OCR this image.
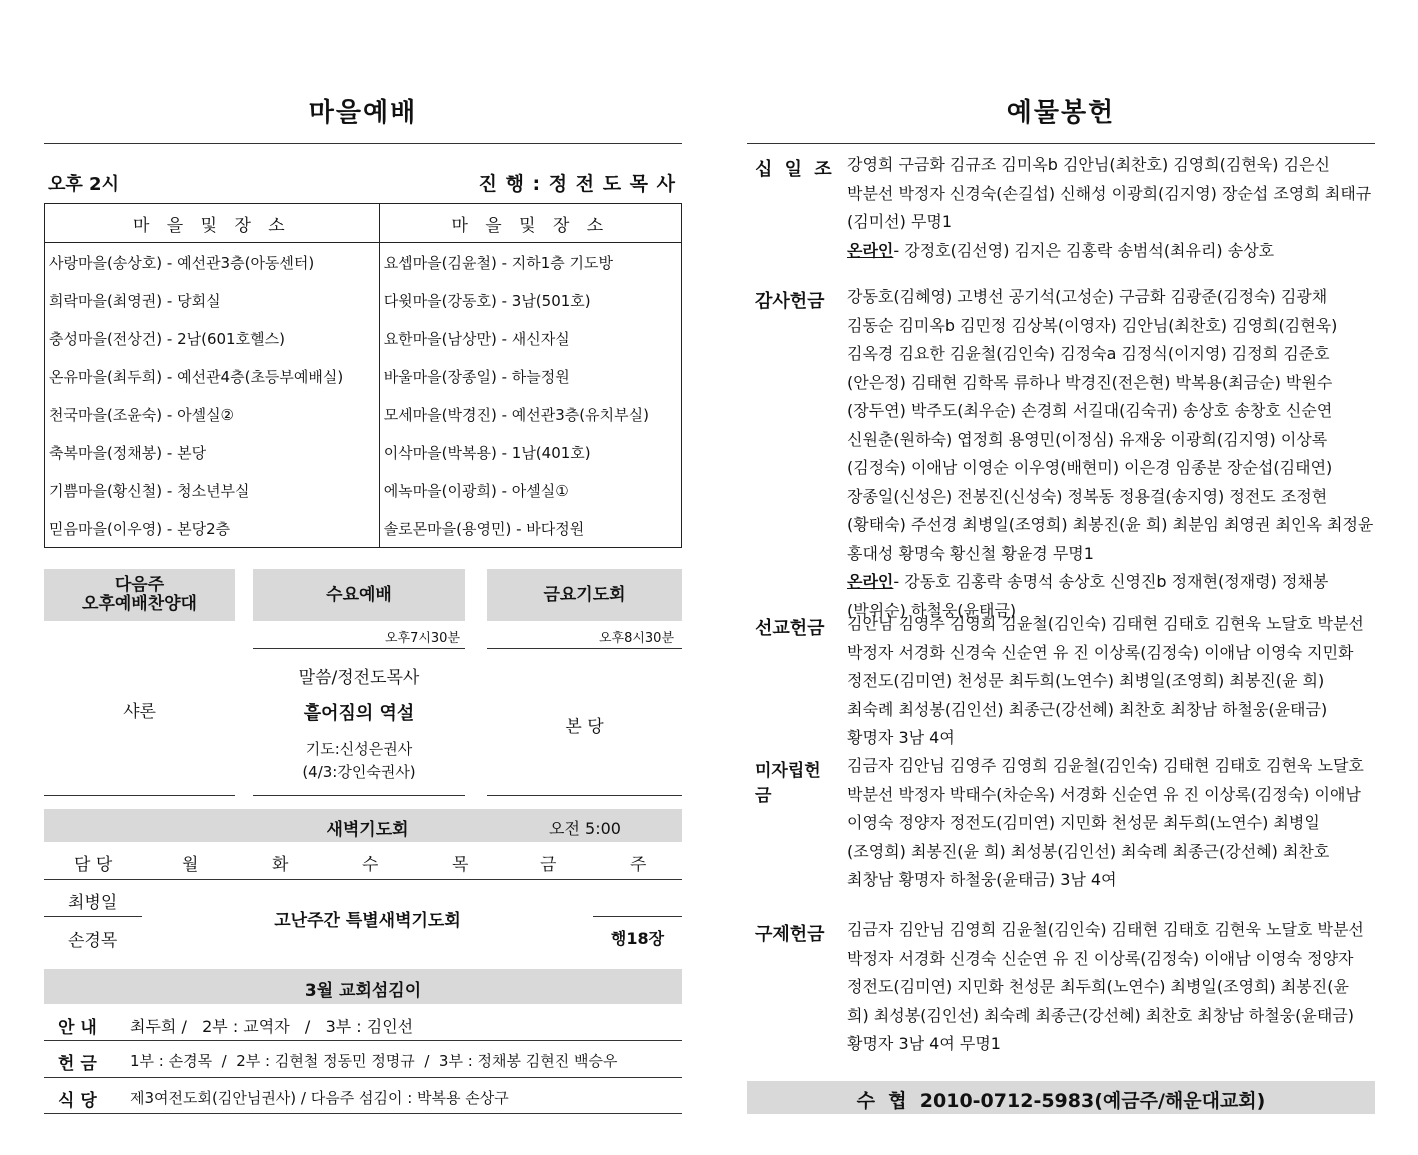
마을예배
오후 2시	진 행 : 정 전 도 목 사
마 을 및 장 소	마 을 및 장 소
사랑마을(송상호) - 예선관3층(아동센터)	요셉마을(김윤철) - 지하1층 기도방
희락마을(최영권) - 당회실	다윗마을(강동호) - 3남(501호)
충성마을(전상건) - 2남(601호헬스)	요한마을(남상만) - 새신자실
온유마을(최두희) - 예선관4층(초등부예배실)	바울마을(장종일) - 하늘정원
천국마을(조윤숙) - 아셀실②	모세마을(박경진) - 예선관3층(유치부실)
축복마을(정채봉) - 본당	이삭마을(박복용) - 1남(401호)
기쁨마을(황신철) - 청소년부실	에녹마을(이광희) - 아셀실①
믿음마을(이우영) - 본당2층	솔로몬마을(용영민) - 바다정원
다음주
오후예배찬양대	수요예배	금요기도회
오후7시30분	오후8시30분
샤론
말씀/정전도목사
흩어짐의 역설
기도:신성은권사
(4/3:강인숙권사)
본 당
새벽기도회	오전 5:00
담 당	월	화	수	목	금	주
최병일
손경목
고난주간 특별새벽기도회
행18장
3월 교회섬김이
안 내 최두희 /   2부 : 교역자   /   3부 : 김인선
헌 금 1부 : 손경목  /  2부 : 김현철 정동민 정명규  /  3부 : 정채봉 김현진 백승우
식 당 제3여전도회(김안님권사) / 다음주 섬김이 : 박복용 손상구
예물봉헌
십 일 조 강영희 구금화 김규조 김미옥b 김안님(최찬호) 김영희(김현욱) 김은신 박분선 박정자 신경숙(손길섭) 신해성 이광희(김지영) 장순섭 조영희 최태규(김미선) 무명1
온라인- 강정호(김선영) 김지은 김홍락 송범석(최유리) 송상호
감사헌금	강동호(김혜영) 고병선 공기석(고성순) 구금화 김광준(김정숙) 김광채 김동순 김미옥b 김민정 김상복(이영자) 김안님(최찬호) 김영희(김현욱) 김옥경 김요한 김윤철(김인숙) 김정숙a 김정식(이지영) 김정희 김준호(안은정) 김태현 김학목 류하나 박경진(전은현) 박복용(최금순) 박원수(장두연) 박주도(최우순) 손경희 서길대(김숙귀) 송상호 송창호 신순연 신원춘(원하숙) 엽정희 용영민(이정심) 유재웅 이광희(김지영) 이상록(김정숙) 이애남 이영순 이우영(배현미) 이은경 임종분 장순섭(김태연) 장종일(신성은) 전봉진(신성숙) 정복동 정용걸(송지영) 정전도 조정현(황태숙) 주선경 최병일(조영희) 최봉진(윤 희) 최분임 최영권 최인옥 최정윤 홍대성 황명숙 황신철 황윤경 무명1
온라인- 강동호 김홍락 송명석 송상호 신영진b 정재현(정재령) 정채봉(박위순) 하철웅(윤태금)
선교헌금	김안님 김영주 김영희 김윤철(김인숙) 김태현 김태호 김현욱 노달호 박분선 박정자 서경화 신경숙 신순연 유 진 이상록(김정숙) 이애남 이영숙 지민화 정전도(김미연) 천성문 최두희(노연수) 최병일(조영희) 최봉진(윤 희) 최숙례 최성봉(김인선) 최종근(강선혜) 최찬호 최창남 하철웅(윤태금) 황명자 3남 4여
미자립헌금
김금자 김안님 김영주 김영희 김윤철(김인숙) 김태현 김태호 김현욱 노달호 박분선 박정자 박태수(차순옥) 서경화 신순연 유 진 이상록(김정숙) 이애남 이영숙 정양자 정전도(김미연) 지민화 천성문 최두희(노연수) 최병일(조영희) 최봉진(윤 희) 최성봉(김인선) 최숙례 최종근(강선혜) 최찬호 최창남 황명자 하철웅(윤태금) 3남 4여
구제헌금	김금자 김안님 김영희 김윤철(김인숙) 김태현 김태호 김현욱 노달호 박분선 박정자 서경화 신경숙 신순연 유 진 이상록(김정숙) 이애남 이영숙 정양자 정전도(김미연) 지민화 천성문 최두희(노연수) 최병일(조영희) 최봉진(윤 희) 최성봉(김인선) 최숙례 최종근(강선혜) 최찬호 최창남 하철웅(윤태금) 황명자 3남 4여 무명1
수  협  2010-0712-5983(예금주/해운대교회)
